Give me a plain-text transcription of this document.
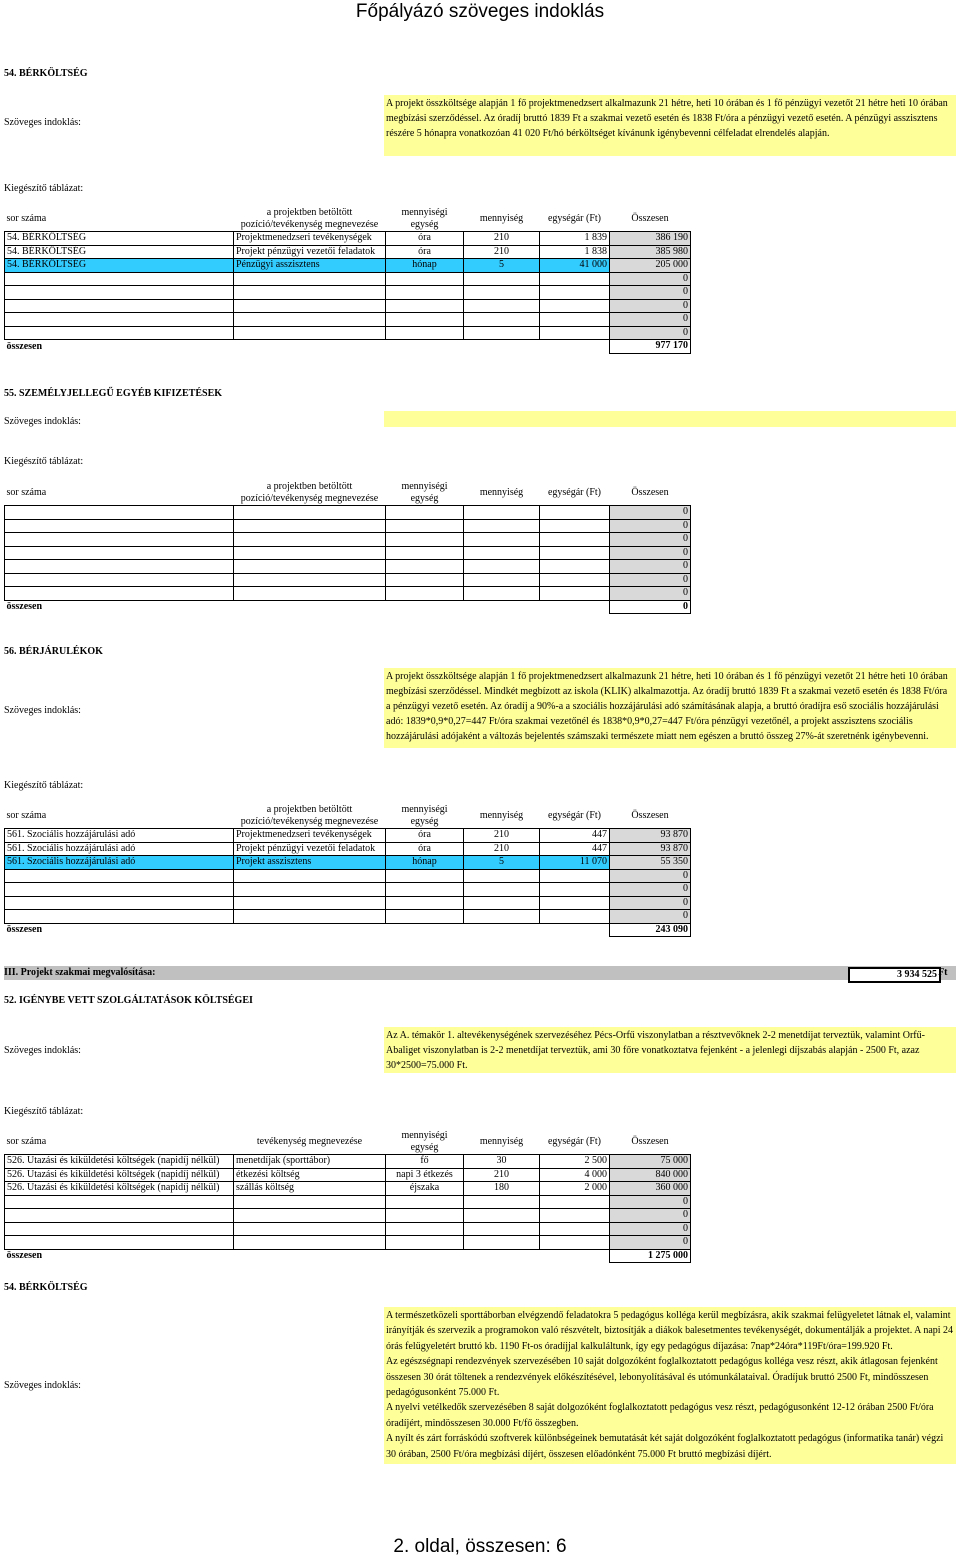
Főpályázó szöveges indoklás
54. BÉRKÖLTSÉG
Szöveges indoklás:
A projekt összköltsége alapján 1 fő projektmenedzsert alkalmazunk 21 hétre, heti 10 órában és 1 fő pénzügyi vezetőt 21 hétre heti 10 órában megbízási szerződéssel. Az óradíj bruttó 1839 Ft a szakmai vezető esetén és 1838 Ft/óra a pénzügyi vezető esetén. A pénzügyi asszisztens részére 5 hónapra vonatkozóan 41 020 Ft/hó bérköltséget kívánunk igénybevenni célfeladat elrendelés alapján.
Kiegészítő táblázat:
sor száma	a projektben betöltött pozíció/tevékenység megnevezése	mennyiségi egység	mennyiség	egységár (Ft)	Összesen
54. BÉRKÖLTSÉG	Projektmenedzseri tevékenységek	óra	210	1 839	386 190
54. BÉRKÖLTSÉG	Projekt pénzügyi vezetői feladatok	óra	210	1 838	385 980
54. BÉRKÖLTSÉG	Pénzügyi asszisztens	hónap	5	41 000	205 000
					0
					0
					0
					0
					0
összesen					977 170
55. SZEMÉLYJELLEGŰ EGYÉB KIFIZETÉSEK
Szöveges indoklás:
Kiegészítő táblázat:
sor száma	a projektben betöltött pozíció/tevékenység megnevezése	mennyiségi egység	mennyiség	egységár (Ft)	Összesen
					0
					0
					0
					0
					0
					0
					0
összesen					0
56. BÉRJÁRULÉKOK
Szöveges indoklás:
A projekt összköltsége alapján 1 fő projektmenedzsert alkalmazunk 21 hétre, heti 10 órában és 1 fő pénzügyi vezetőt 21 hétre heti 10 órában megbízási szerződéssel. Mindkét megbízott az iskola (KLIK) alkalmazottja. Az óradíj bruttó 1839 Ft a szakmai vezető esetén és 1838 Ft/óra a pénzügyi vezető esetén. Az óradíj a 90%-a a szociális hozzájárulási adó számításának alapja, a bruttó óradíjra eső szociális hozzájárulási adó: 1839*0,9*0,27=447 Ft/óra szakmai vezetőnél és 1838*0,9*0,27=447 Ft/óra pénzügyi vezetőnél, a projekt asszisztens szociális hozzájárulási adójaként a változás bejelentés számszaki természete miatt nem egészen a bruttó összeg 27%-át szeretnénk igénybevenni.
Kiegészítő táblázat:
sor száma	a projektben betöltött pozíció/tevékenység megnevezése	mennyiségi egység	mennyiség	egységár (Ft)	Összesen
561. Szociális hozzájárulási adó	Projektmenedzseri tevékenységek	óra	210	447	93 870
561. Szociális hozzájárulási adó	Projekt pénzügyi vezetői feladatok	óra	210	447	93 870
561. Szociális hozzájárulási adó	Projekt asszisztens	hónap	5	11 070	55 350
					0
					0
					0
					0
összesen					243 090
III. Projekt szakmai megvalósítása:	3 934 525 Ft
52. IGÉNYBE VETT SZOLGÁLTATÁSOK KÖLTSÉGEI
Szöveges indoklás:
Az A. témakör 1. altevékenységének szervezéséhez Pécs-Orfű viszonylatban a résztvevőknek 2-2 menetdíjat terveztük, valamint Orfű-Abaliget viszonylatban is 2-2 menetdíjat terveztük, ami 30 főre vonatkoztatva fejenként - a jelenlegi díjszabás alapján - 2500 Ft, azaz 30*2500=75.000 Ft.
Kiegészítő táblázat:
sor száma	tevékenység megnevezése	mennyiségi egység	mennyiség	egységár (Ft)	Összesen
526. Utazási és kiküldetési költségek (napidíj nélkül)	menetdíjak (sporttábor)	fő	30	2 500	75 000
526. Utazási és kiküldetési költségek (napidíj nélkül)	étkezési költség	napi 3 étkezés	210	4 000	840 000
526. Utazási és kiküldetési költségek (napidíj nélkül)	szállás költség	éjszaka	180	2 000	360 000
					0
					0
					0
					0
összesen					1 275 000
54. BÉRKÖLTSÉG
Szöveges indoklás:
A természetközeli sporttáborban elvégzendő feladatokra 5 pedagógus kolléga kerül megbízásra, akik szakmai felügyeletet látnak el, valamint irányítják és szervezik a programokon való részvételt, biztosítják a diákok balesetmentes tevékenységét, dokumentálják a projektet. A napi 24 órás felügyeletért bruttó kb. 1190 Ft-os óradíjjal kalkuláltunk, így egy pedagógus díjazása: 7nap*24óra*119Ft/óra=199.920 Ft.
Az egészségnapi rendezvények szervezésében 10 saját dolgozóként foglalkoztatott pedagógus kolléga vesz részt, akik átlagosan fejenként összesen 30 órát töltenek a rendezvények előkészítésével, lebonyolításával és utómunkálataival. Óradíjuk bruttó 2500 Ft, mindösszesen pedagógusonként 75.000 Ft.
A nyelvi vetélkedők szervezésében 8 saját dolgozóként foglalkoztatott pedagógus vesz részt, pedagógusonként 12-12 órában 2500 Ft/óra óradíjért, mindösszesen 30.000 Ft/fő összegben.
A nyílt és zárt forráskódú szoftverek különbségeinek bemutatását két saját dolgozóként foglalkoztatott pedagógus (informatika tanár) végzi 30 órában, 2500 Ft/óra megbízási díjért, összesen előadónként 75.000 Ft bruttó megbízási díjért.
2. oldal, összesen: 6
